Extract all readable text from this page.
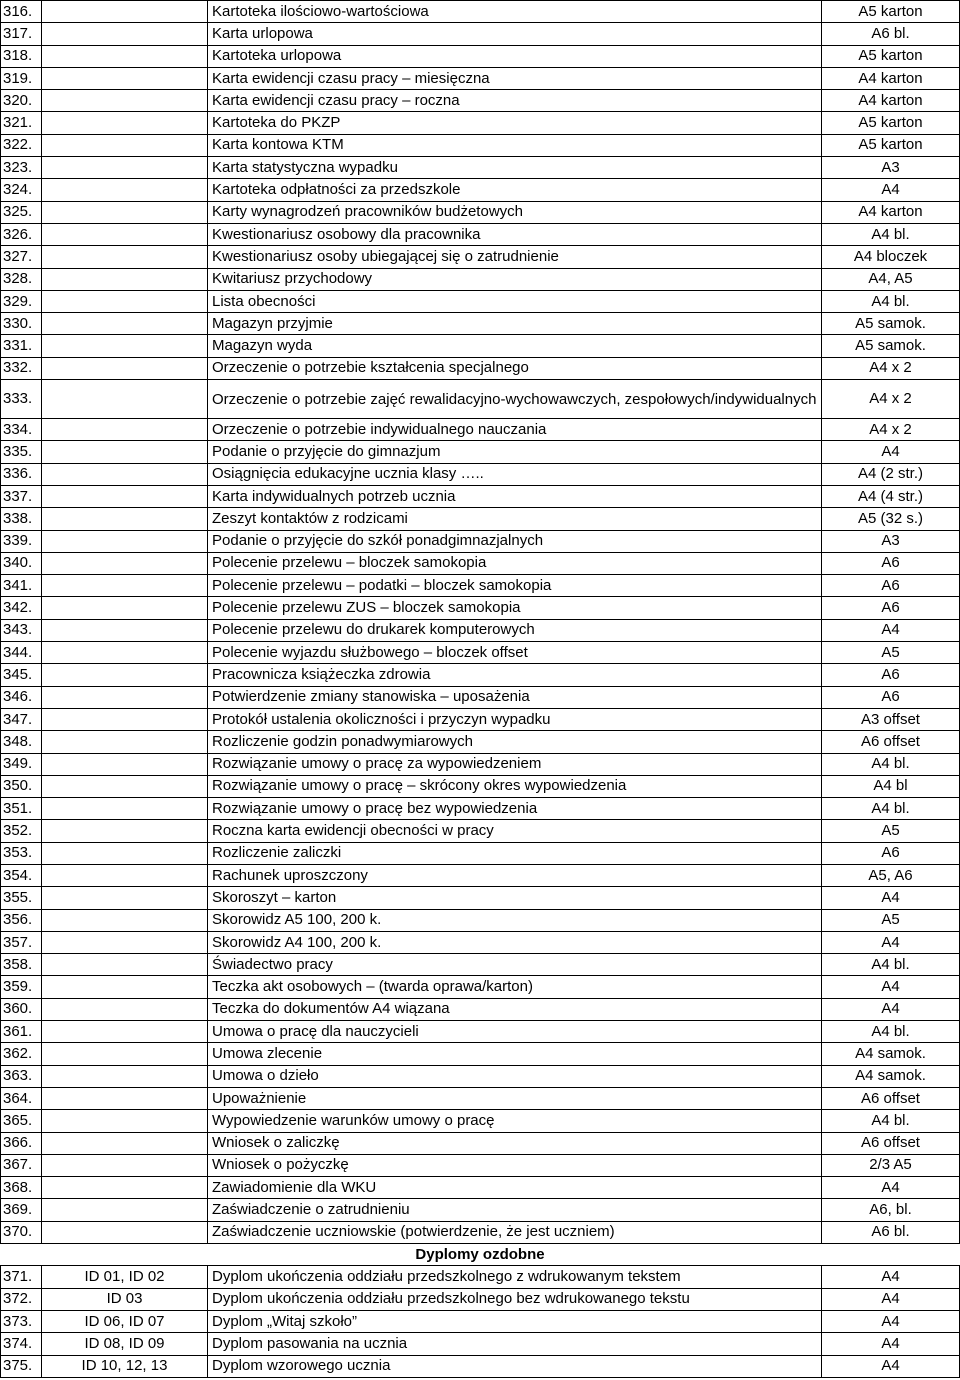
316.		Kartoteka ilościowo-wartościowa	A5 karton
317.		Karta urlopowa	A6 bl.
318.		Kartoteka urlopowa	A5 karton
319.		Karta ewidencji czasu pracy – miesięczna	A4 karton
320.		Karta ewidencji czasu pracy – roczna	A4 karton
321.		Kartoteka do PKZP	A5 karton
322.		Karta kontowa KTM	A5 karton
323.		Karta statystyczna wypadku	A3
324.		Kartoteka odpłatności za przedszkole	A4
325.		Karty wynagrodzeń pracowników budżetowych	A4 karton
326.		Kwestionariusz osobowy dla pracownika	A4 bl.
327.		Kwestionariusz osoby ubiegającej się o zatrudnienie	A4 bloczek
328.		Kwitariusz przychodowy	A4, A5
329.		Lista obecności	A4 bl.
330.		Magazyn przyjmie	A5 samok.
331.		Magazyn wyda	A5 samok.
332.		Orzeczenie o potrzebie kształcenia specjalnego	A4 x 2
333.		Orzeczenie o potrzebie zajęć rewalidacyjno-wychowawczych, zespołowych/indywidualnych	A4 x 2
334.		Orzeczenie o potrzebie indywidualnego nauczania	A4 x 2
335.		Podanie o przyjęcie do gimnazjum	A4
336.		Osiągnięcia edukacyjne ucznia klasy …..	A4 (2 str.)
337.		Karta indywidualnych potrzeb ucznia	A4 (4 str.)
338.		Zeszyt kontaktów z rodzicami	A5 (32 s.)
339.		Podanie o przyjęcie do szkół ponadgimnazjalnych	A3
340.		Polecenie przelewu – bloczek samokopia	A6
341.		Polecenie przelewu – podatki – bloczek samokopia	A6
342.		Polecenie przelewu ZUS – bloczek samokopia	A6
343.		Polecenie przelewu do drukarek komputerowych	A4
344.		Polecenie wyjazdu służbowego – bloczek offset	A5
345.		Pracownicza książeczka zdrowia	A6
346.		Potwierdzenie zmiany stanowiska – uposażenia	A6
347.		Protokół ustalenia okoliczności i przyczyn wypadku	A3 offset
348.		Rozliczenie godzin ponadwymiarowych	A6 offset
349.		Rozwiązanie umowy o pracę za wypowiedzeniem	A4 bl.
350.		Rozwiązanie umowy o pracę – skrócony okres wypowiedzenia	A4 bl
351.		Rozwiązanie umowy o pracę bez wypowiedzenia	A4 bl.
352.		Roczna karta ewidencji obecności w pracy	A5
353.		Rozliczenie zaliczki	A6
354.		Rachunek uproszczony	A5, A6
355.		Skoroszyt – karton	A4
356.		Skorowidz A5 100, 200 k.	A5
357.		Skorowidz A4 100, 200 k.	A4
358.		Świadectwo pracy	A4 bl.
359.		Teczka akt osobowych – (twarda oprawa/karton)	A4
360.		Teczka do dokumentów A4 wiązana	A4
361.		Umowa o pracę dla nauczycieli	A4 bl.
362.		Umowa zlecenie	A4 samok.
363.		Umowa o dzieło	A4 samok.
364.		Upoważnienie	A6 offset
365.		Wypowiedzenie warunków umowy o pracę	A4 bl.
366.		Wniosek o zaliczkę	A6 offset
367.		Wniosek o pożyczkę	2/3 A5
368.		Zawiadomienie dla WKU	A4
369.		Zaświadczenie o zatrudnieniu	A6, bl.
370.		Zaświadczenie uczniowskie (potwierdzenie, że jest uczniem)	A6 bl.
Dyplomy ozdobne			
371.	ID 01, ID 02	Dyplom ukończenia oddziału przedszkolnego z wdrukowanym tekstem	A4
372.	ID 03	Dyplom ukończenia oddziału przedszkolnego bez wdrukowanego tekstu	A4
373.	ID 06, ID 07	Dyplom „Witaj szkoło”	A4
374.	ID 08, ID 09	Dyplom pasowania na ucznia	A4
375.	ID 10, 12, 13	Dyplom wzorowego ucznia	A4
